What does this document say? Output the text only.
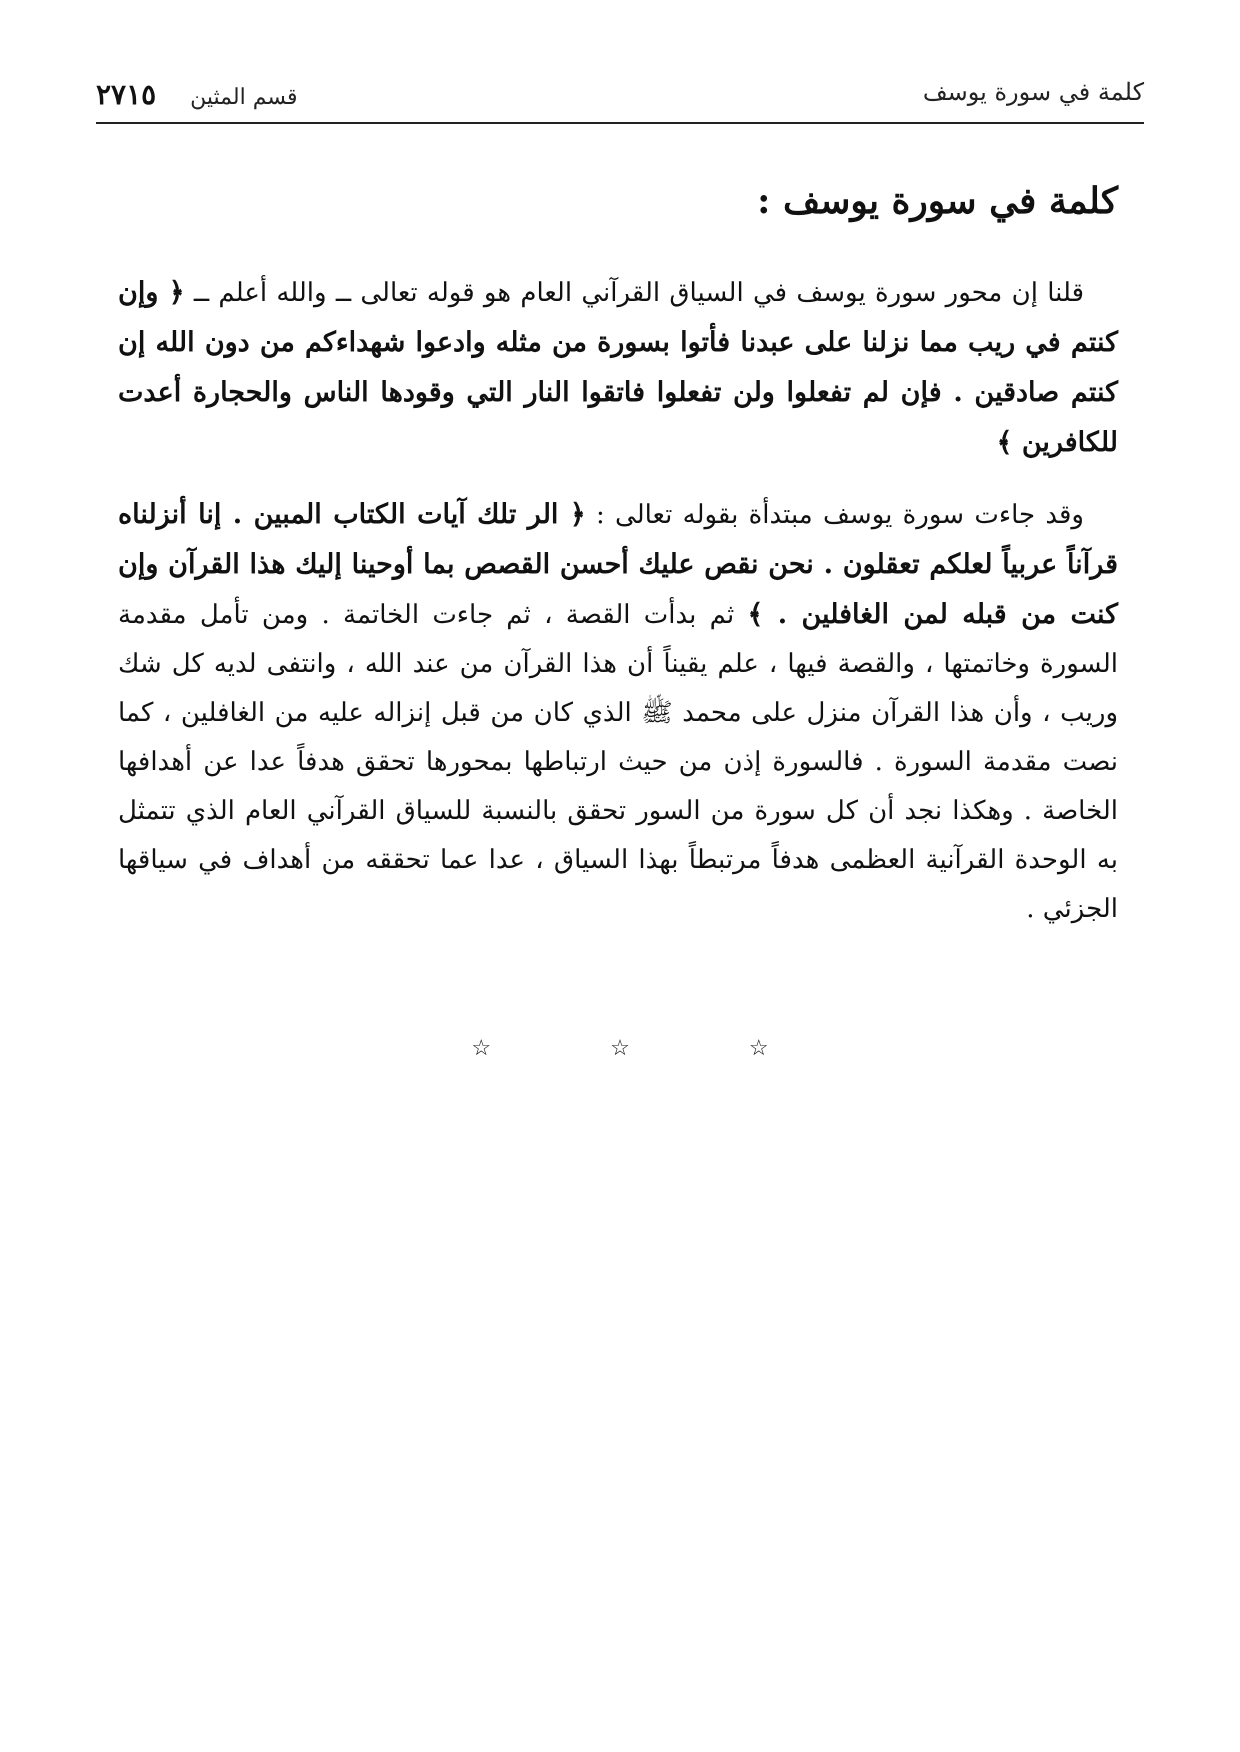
كلمة في سورة يوسف
٢٧١٥ قسم المثين
كلمة في سورة يوسف :

قلنا إن محور سورة يوسف في السياق القرآني العام هو قوله تعالى ــ والله أعلم ــ ﴿ وإن كنتم في ريب مما نزلنا على عبدنا فأتوا بسورة من مثله وادعوا شهداءكم من دون الله إن كنتم صادقين . فإن لم تفعلوا ولن تفعلوا فاتقوا النار التي وقودها الناس والحجارة أعدت للكافرين ﴾

وقد جاءت سورة يوسف مبتدأة بقوله تعالى : ﴿ الر تلك آيات الكتاب المبين . إنا أنزلناه قرآناً عربياً لعلكم تعقلون . نحن نقص عليك أحسن القصص بما أوحينا إليك هذا القرآن وإن كنت من قبله لمن الغافلين . ﴾ ثم بدأت القصة ، ثم جاءت الخاتمة . ومن تأمل مقدمة السورة وخاتمتها ، والقصة فيها ، علم يقيناً أن هذا القرآن من عند الله ، وانتفى لديه كل شك وريب ، وأن هذا القرآن منزل على محمد ﷺ الذي كان من قبل إنزاله عليه من الغافلين ، كما نصت مقدمة السورة . فالسورة إذن من حيث ارتباطها بمحورها تحقق هدفاً عدا عن أهدافها الخاصة . وهكذا نجد أن كل سورة من السور تحقق بالنسبة للسياق القرآني العام الذي تتمثل به الوحدة القرآنية العظمى هدفاً مرتبطاً بهذا السياق ، عدا عما تحققه من أهداف في سياقها الجزئي .

☆ ☆ ☆
